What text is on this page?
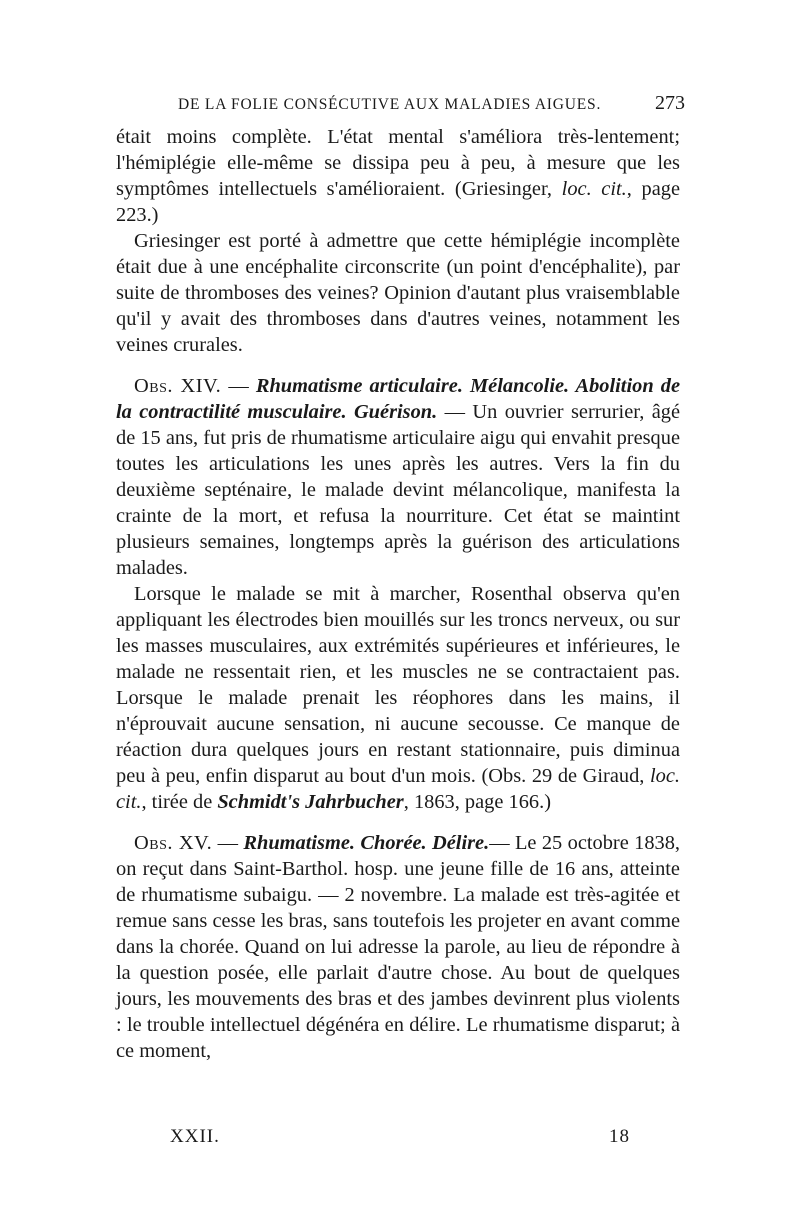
DE LA FOLIE CONSÉCUTIVE AUX MALADIES AIGUES.	273

était moins complète. L'état mental s'améliora très-lentement; l'hémiplégie elle-même se dissipa peu à peu, à mesure que les symptômes intellectuels s'amélioraient. (Griesinger, loc. cit., page 223.)

Griesinger est porté à admettre que cette hémiplégie incomplète était due à une encéphalite circonscrite (un point d'encéphalite), par suite de thromboses des veines? Opinion d'autant plus vraisemblable qu'il y avait des thromboses dans d'autres veines, notamment les veines crurales.

Obs. XIV. — Rhumatisme articulaire. Mélancolie. Abolition de la contractilité musculaire. Guérison. — Un ouvrier serrurier, âgé de 15 ans, fut pris de rhumatisme articulaire aigu qui envahit presque toutes les articulations les unes après les autres. Vers la fin du deuxième septénaire, le malade devint mélancolique, manifesta la crainte de la mort, et refusa la nourriture. Cet état se maintint plusieurs semaines, longtemps après la guérison des articulations malades.

Lorsque le malade se mit à marcher, Rosenthal observa qu'en appliquant les électrodes bien mouillés sur les troncs nerveux, ou sur les masses musculaires, aux extrémités supérieures et inférieures, le malade ne ressentait rien, et les muscles ne se contractaient pas. Lorsque le malade prenait les réophores dans les mains, il n'éprouvait aucune sensation, ni aucune secousse. Ce manque de réaction dura quelques jours en restant stationnaire, puis diminua peu à peu, enfin disparut au bout d'un mois. (Obs. 29 de Giraud, loc. cit., tirée de Schmidt's Jahrbucher, 1863, page 166.)

Obs. XV. — Rhumatisme. Chorée. Délire.— Le 25 octobre 1838, on reçut dans Saint-Barthol. hosp. une jeune fille de 16 ans, atteinte de rhumatisme subaigu. — 2 novembre. La malade est très-agitée et remue sans cesse les bras, sans toutefois les projeter en avant comme dans la chorée. Quand on lui adresse la parole, au lieu de répondre à la question posée, elle parlait d'autre chose. Au bout de quelques jours, les mouvements des bras et des jambes devinrent plus violents : le trouble intellectuel dégénéra en délire. Le rhumatisme disparut; à ce moment,

XXII.	18
